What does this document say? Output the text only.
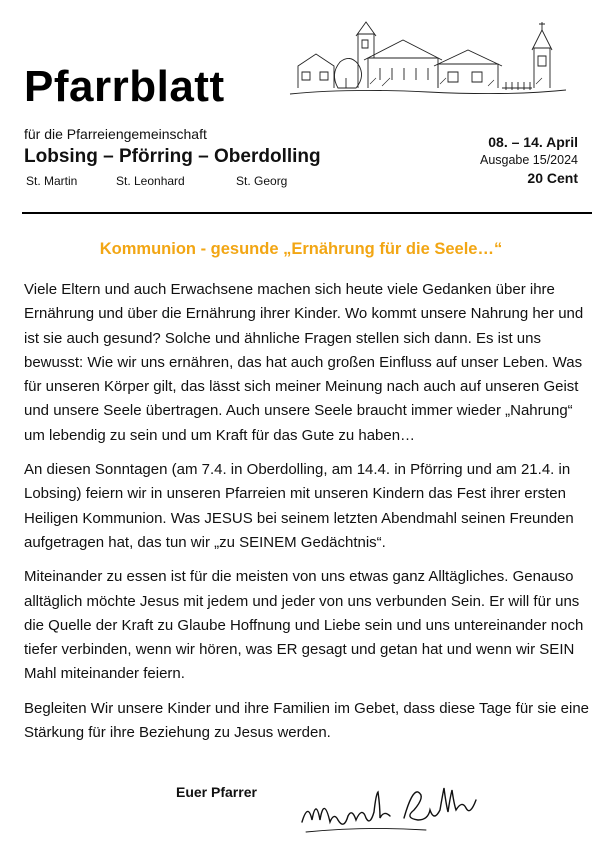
Pfarrblatt
für die Pfarreiengemeinschaft
Lobsing – Pförring – Oberdolling
St. Martin	St. Leonhard	St. Georg
08. – 14. April
Ausgabe 15/2024
20 Cent
Kommunion - gesunde „Ernährung für die Seele…“

Viele Eltern und auch Erwachsene machen sich heute viele Gedanken über ihre Ernährung und über die Ernährung ihrer Kinder. Wo kommt unsere Nahrung her und ist sie auch gesund? Solche und ähnliche Fragen stellen sich dann. Es ist uns bewusst: Wie wir uns ernähren, das hat auch großen Einfluss auf unser Leben. Was für unseren Körper gilt, das lässt sich meiner Meinung nach auch auf unseren Geist und unsere Seele übertragen. Auch unsere Seele braucht immer wieder „Nahrung“ um lebendig zu sein und um Kraft für das Gute zu haben…

An diesen Sonntagen (am 7.4. in Oberdolling, am 14.4. in Pförring und am 21.4. in Lobsing) feiern wir in unseren Pfarreien mit unseren Kindern das Fest ihrer ersten Heiligen Kommunion. Was JESUS bei seinem letzten Abendmahl seinen Freunden aufgetragen hat, das tun wir „zu SEINEM Gedächtnis“.

Miteinander zu essen ist für die meisten von uns etwas ganz Alltägliches. Genauso alltäglich möchte Jesus mit jedem und jeder von uns verbunden Sein. Er will für uns die Quelle der Kraft zu Glaube Hoffnung und Liebe sein und uns untereinander noch tiefer verbinden, wenn wir hören, was ER gesagt und getan hat und wenn wir SEIN Mahl miteinander feiern.

Begleiten Wir unsere Kinder und ihre Familien im Gebet, dass diese Tage für sie eine Stärkung für ihre Beziehung zu Jesus werden.

Euer Pfarrer
